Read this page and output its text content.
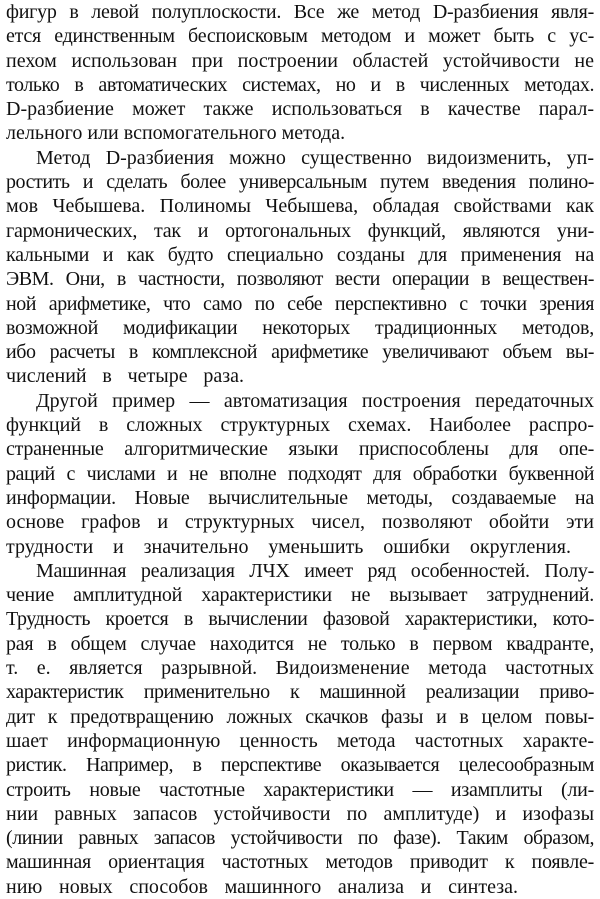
фигур в левой полуплоскости. Все же метод D-разбиения явля-
ется единственным беспоисковым методом и может быть с ус-
пехом использован при построении областей устойчивости не
только в автоматических системах, но и в численных методах.
D-разбиение может также использоваться в качестве парал-
лельного или вспомогательного метода.
Метод D-разбиения можно существенно видоизменить, уп-
ростить и сделать более универсальным путем введения полино-
мов Чебышева. Полиномы Чебышева, обладая свойствами как
гармонических, так и ортогональных функций, являются уни-
кальными и как будто специально созданы для применения на
ЭВМ. Они, в частности, позволяют вести операции в веществен-
ной арифметике, что само по себе перспективно с точки зрения
возможной модификации некоторых традиционных методов,
ибо расчеты в комплексной арифметике увеличивают объем вы-
числений в четыре раза.
Другой пример — автоматизация построения передаточных
функций в сложных структурных схемах. Наиболее распро-
страненные алгоритмические языки приспособлены для опе-
раций с числами и не вполне подходят для обработки буквенной
информации. Новые вычислительные методы, создаваемые на
основе графов и структурных чисел, позволяют обойти эти
трудности и значительно уменьшить ошибки округления.
Машинная реализация ЛЧХ имеет ряд особенностей. Полу-
чение амплитудной характеристики не вызывает затруднений.
Трудность кроется в вычислении фазовой характеристики, кото-
рая в общем случае находится не только в первом квадранте,
т. е. является разрывной. Видоизменение метода частотных
характеристик применительно к машинной реализации приво-
дит к предотвращению ложных скачков фазы и в целом повы-
шает информационную ценность метода частотных характе-
ристик. Например, в перспективе оказывается целесообразным
строить новые частотные характеристики — изамплиты (ли-
нии равных запасов устойчивости по амплитуде) и изофазы
(линии равных запасов устойчивости по фазе). Таким образом,
машинная ориентация частотных методов приводит к появле-
нию новых способов машинного анализа и синтеза.
